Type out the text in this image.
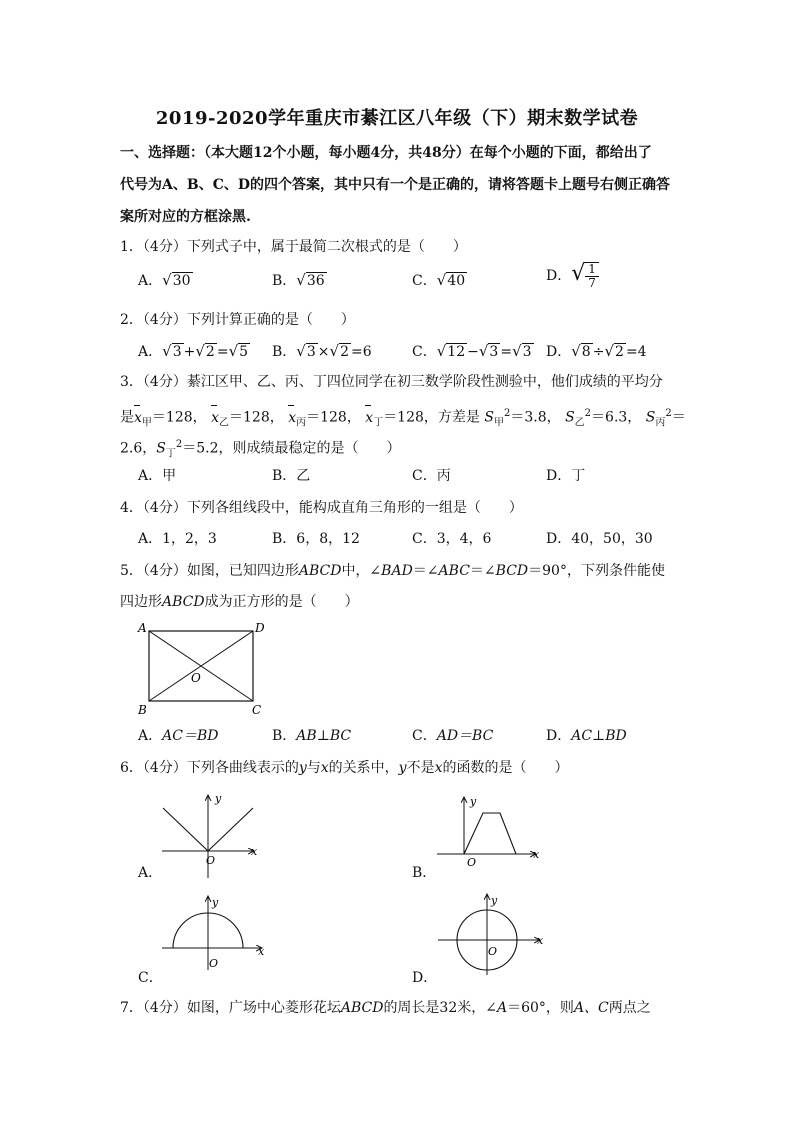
2019-2020学年重庆市綦江区八年级（下）期末数学试卷
一、选择题：（本大题12个小题，每小题4分，共48分）在每个小题的下面，都给出了
代号为A、B、C、D的四个答案，其中只有一个是正确的，请将答题卡上题号右侧正确答
案所对应的方框涂黑.
1．（4分）下列式子中，属于最简二次根式的是（　　）
A．√30	B．√36	C．√40	D．√ $\frac{1}{7}$
2．（4分）下列计算正确的是（　　）
A．√3 +√2 =√5 B．√3 ×√2 =6	C．√12 −√3 =√3 D．√8 ÷√2 =4
3．（4分）綦江区甲、乙、丙、丁四位同学在初三数学阶段性测验中，他们成绩的平均分
是$x_甲=128$， $x_乙=128$， $x_丙=128$， $x_丁=128$，方差是 $S_甲^2=3.8$， $S_乙^2=6.3$， $S_丙^2=$
2.6，$S_丁^2=5.2$，则成绩最稳定的是（　　）
A．甲	B．乙	C．丙	D．丁
4．（4分）下列各组线段中，能构成直角三角形的一组是（　　）
A．1，2，3	B．6，8，12	C．3，4，6	D．40，50，30
5．（4分）如图，已知四边形ABCD中，∠BAD＝∠ABC＝∠BCD＝90°，下列条件能使
四边形ABCD成为正方形的是（　　）
A	D
B	C
O
A．AC＝BD	B．AB⊥BC	C．AD＝BC	D．AC⊥BD
6．（4分）下列各曲线表示的y与x的关系中，y不是x的函数的是（　　）
y
x
O
y
x
O
y
x
O
y
x
O
A．	B．
C．	D．
7．（4分）如图，广场中心菱形花坛ABCD的周长是32米，∠A＝60°，则A、C两点之
